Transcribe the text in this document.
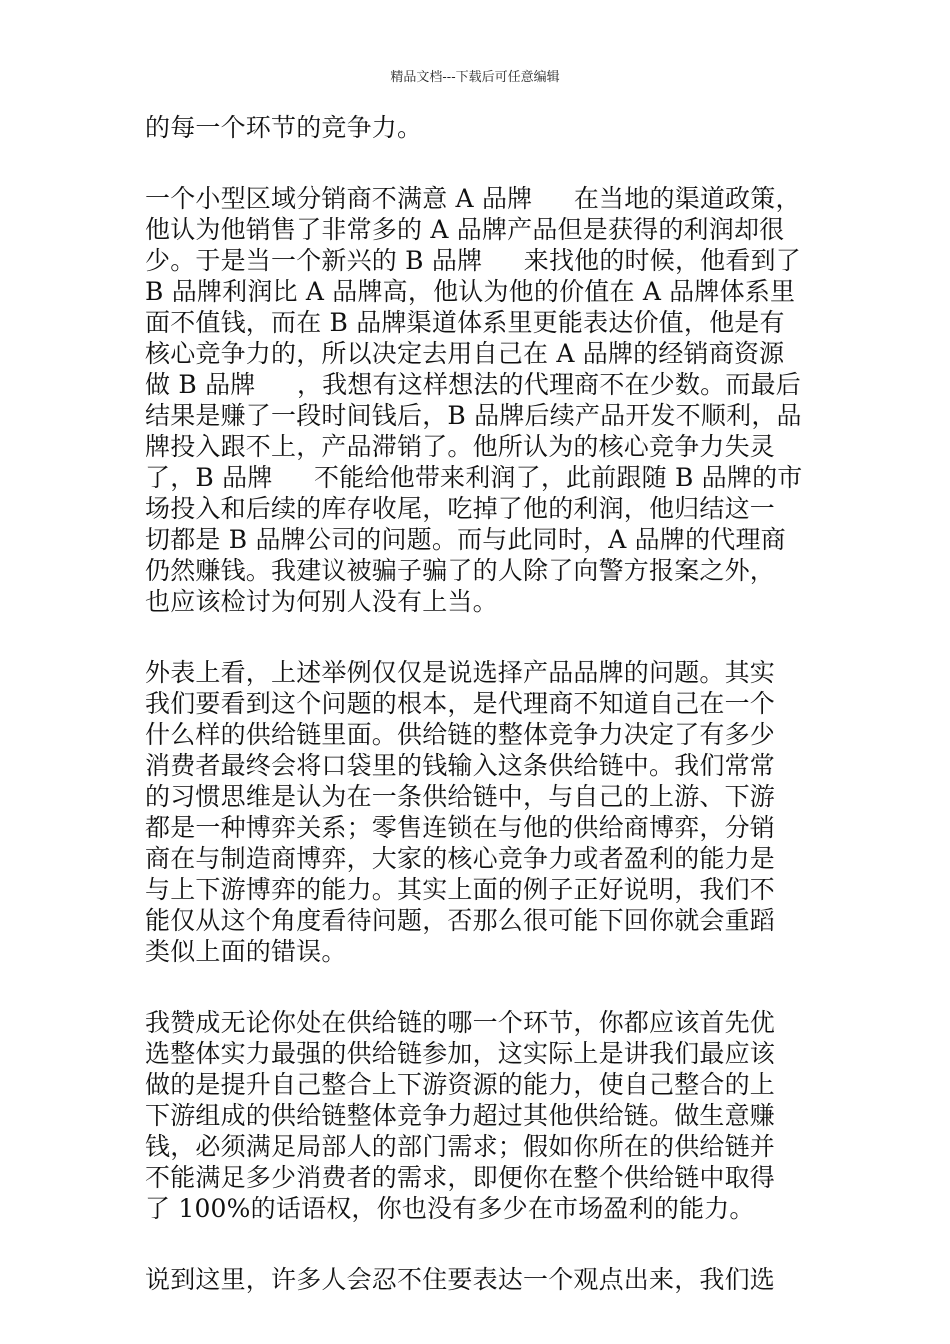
精品文档---下载后可任意编辑
的每一个环节的竞争力。
一个小型区域分销商不满意 A 品牌　  在当地的渠道政策，
他认为他销售了非常多的 A 品牌产品但是获得的利润却很
少。于是当一个新兴的 B 品牌　  来找他的时候，他看到了
B 品牌利润比 A 品牌高，他认为他的价值在 A 品牌体系里
面不值钱，而在 B 品牌渠道体系里更能表达价值，他是有
核心竞争力的，所以决定去用自己在 A 品牌的经销商资源
做 B 品牌　  ，我想有这样想法的代理商不在少数。而最后
结果是赚了一段时间钱后，B 品牌后续产品开发不顺利，品
牌投入跟不上，产品滞销了。他所认为的核心竞争力失灵
了，B 品牌　  不能给他带来利润了，此前跟随 B 品牌的市
场投入和后续的库存收尾，吃掉了他的利润，他归结这一
切都是 B 品牌公司的问题。而与此同时，A 品牌的代理商
仍然赚钱。我建议被骗子骗了的人除了向警方报案之外，
也应该检讨为何别人没有上当。
外表上看，上述举例仅仅是说选择产品品牌的问题。其实
我们要看到这个问题的根本，是代理商不知道自己在一个
什么样的供给链里面。供给链的整体竞争力决定了有多少
消费者最终会将口袋里的钱输入这条供给链中。我们常常
的习惯思维是认为在一条供给链中，与自己的上游、下游
都是一种博弈关系；零售连锁在与他的供给商博弈，分销
商在与制造商博弈，大家的核心竞争力或者盈利的能力是
与上下游博弈的能力。其实上面的例子正好说明，我们不
能仅从这个角度看待问题，否那么很可能下回你就会重蹈
类似上面的错误。
我赞成无论你处在供给链的哪一个环节，你都应该首先优
选整体实力最强的供给链参加，这实际上是讲我们最应该
做的是提升自己整合上下游资源的能力，使自己整合的上
下游组成的供给链整体竞争力超过其他供给链。做生意赚
钱，必须满足局部人的部门需求；假如你所在的供给链并
不能满足多少消费者的需求，即便你在整个供给链中取得
了 100%的话语权，你也没有多少在市场盈利的能力。
说到这里，许多人会忍不住要表达一个观点出来，我们选
